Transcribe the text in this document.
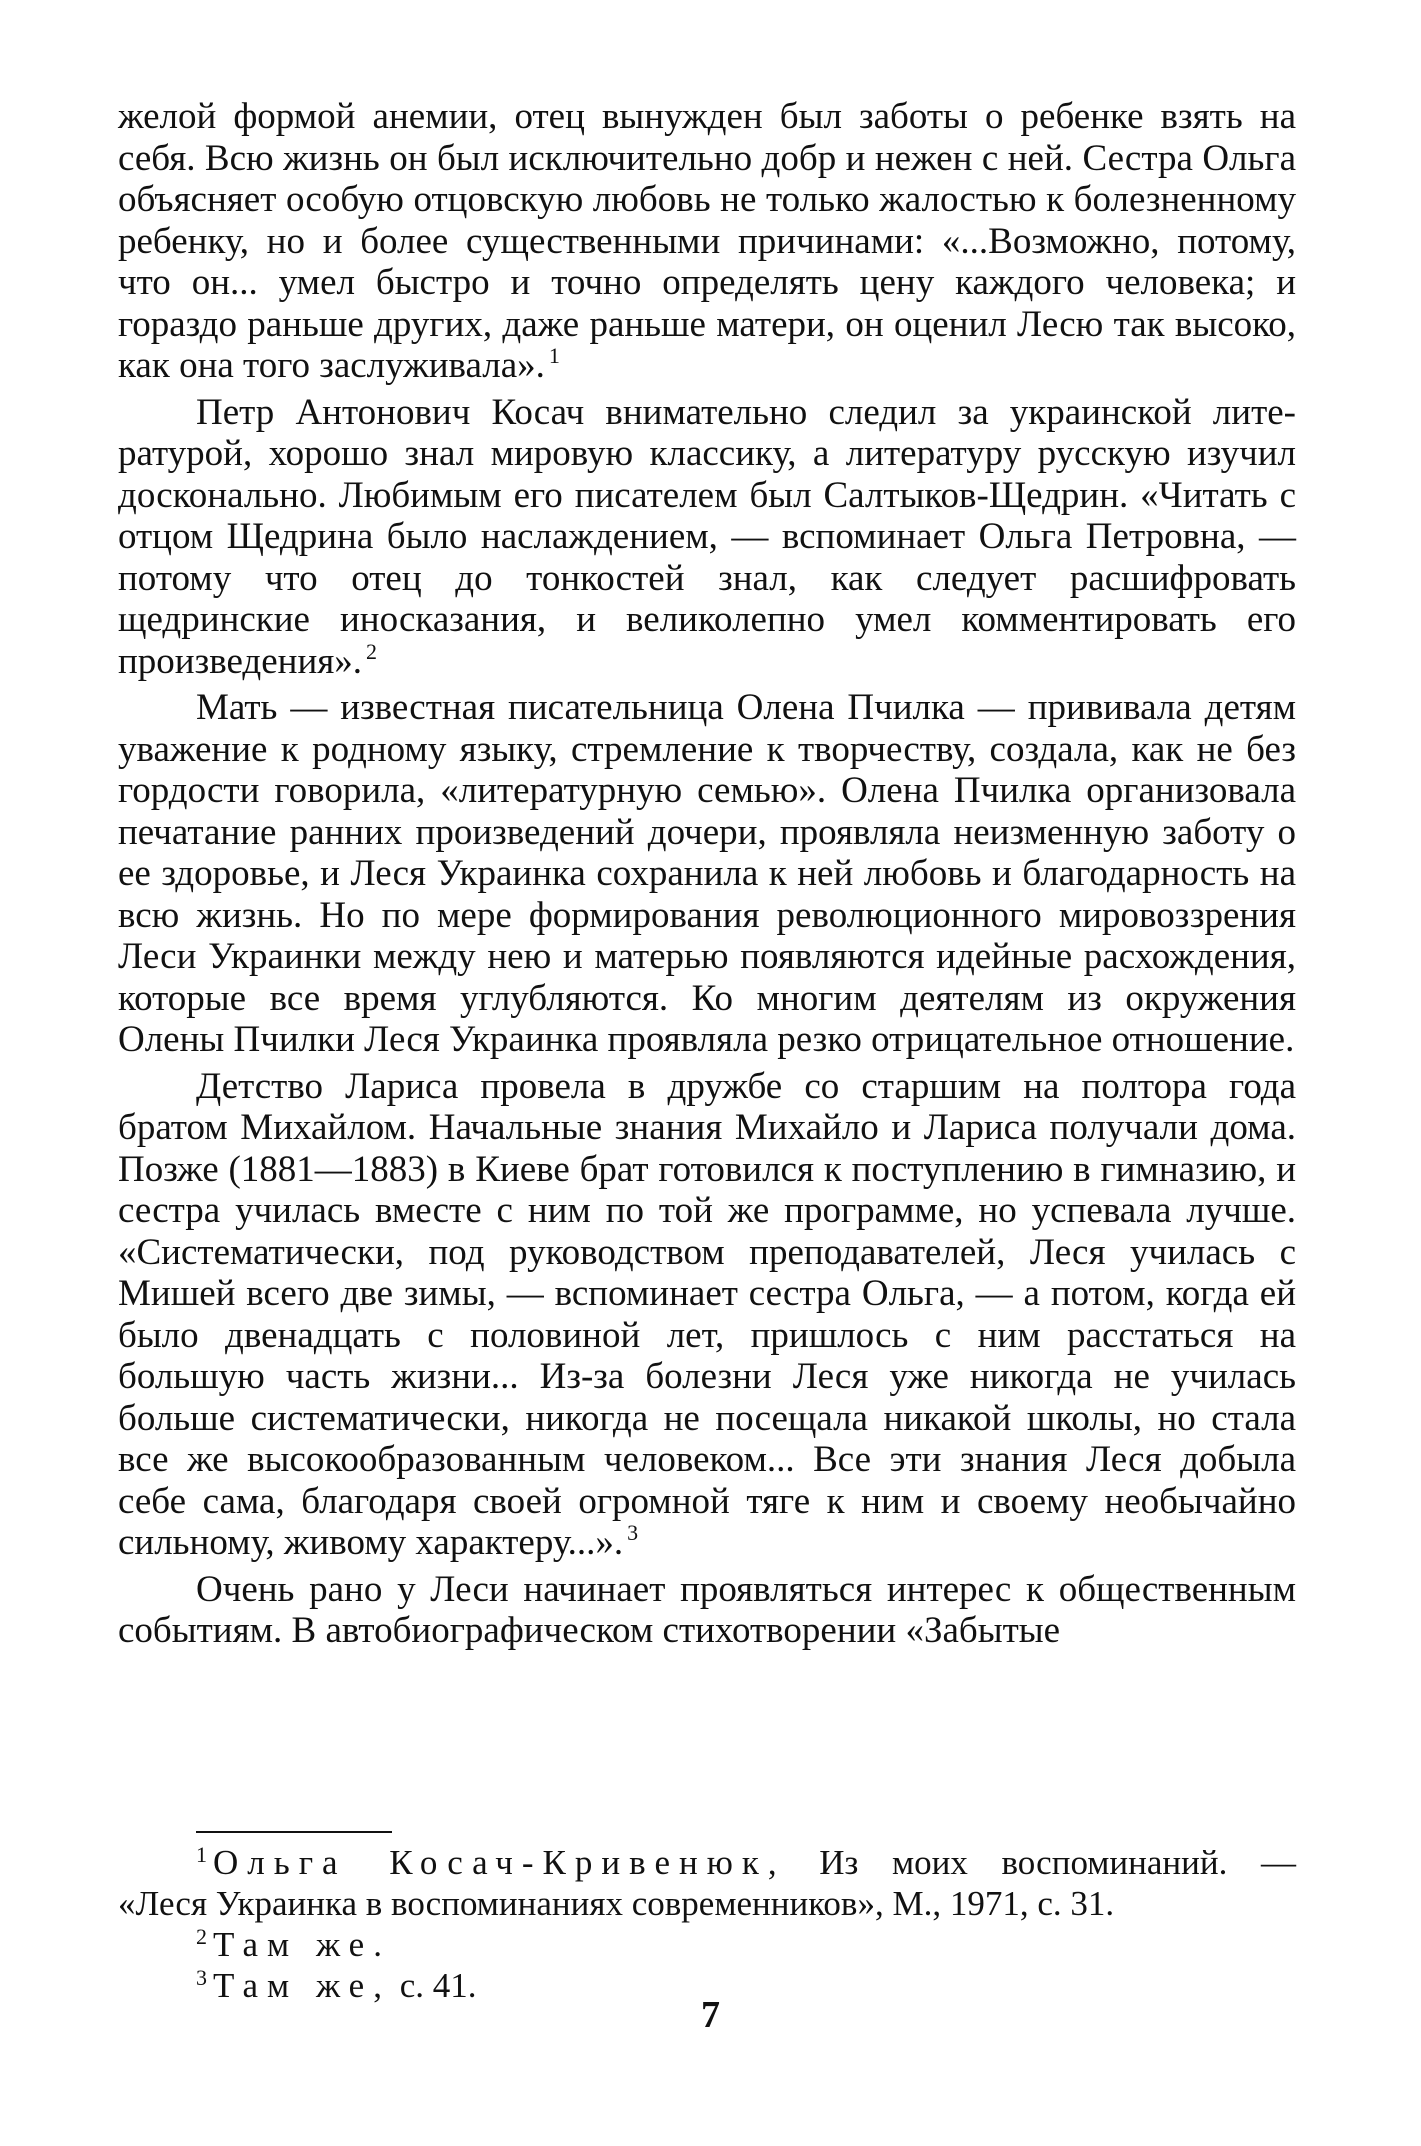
желой формой анемии, отец вынужден был заботы о ребенке взять на себя. Всю жизнь он был исключительно добр и нежен с ней. Сестра Ольга объясняет особую отцовскую любовь не только жалостью к болезненному ребенку, но и более существенными причинами: «...Возможно, потому, что он... умел быстро и точно определять цену каждого человека; и гораздо раньше других, даже раньше матери, он оценил Лесю так высоко, как она того заслуживала». $^1$

Петр Антонович Косач внимательно следил за украинской литературой, хорошо знал мировую классику, а литературу русскую изучил досконально. Любимым его писателем был Салтыков-Щедрин. «Читать с отцом Щедрина было наслаждением, — вспоминает Ольга Петровна, — потому что отец до тонкостей знал, как следует расшифровать щедринские иносказания, и великолепно умел комментировать его произведения». $^2$

Мать — известная писательница Олена Пчилка — прививала детям уважение к родному языку, стремление к творчеству, создала, как не без гордости говорила, «литературную семью». Олена Пчилка организовала печатание ранних произведений дочери, проявляла неизменную заботу о ее здоровье, и Леся Украинка сохранила к ней любовь и благодарность на всю жизнь. Но по мере формирования революционного мировоззрения Леси Украинки между нею и матерью появляются идейные расхождения, которые все время углубляются. Ко многим деятелям из окружения Олены Пчилки Леся Украинка проявляла резко отрицательное отношение.

Детство Лариса провела в дружбе со старшим на полтора года братом Михайлом. Начальные знания Михайло и Лариса получали дома. Позже (1881—1883) в Киеве брат готовился к поступлению в гимназию, и сестра училась вместе с ним по той же программе, но успевала лучше. «Систематически, под руководством преподавателей, Леся училась с Мишей всего две зимы, — вспоминает сестра Ольга, — а потом, когда ей было двенадцать с половиной лет, пришлось с ним расстаться на большую часть жизни... Из-за болезни Леся уже никогда не училась больше систематически, никогда не посещала никакой школы, но стала все же высокообразованным человеком... Все эти знания Леся добыла себе сама, благодаря своей огромной тяге к ним и своему необычайно сильному, живому характеру...». $^3$

Очень рано у Леси начинает проявляться интерес к общественным событиям. В автобиографическом стихотворении «Забытые

$^1$ Ольга Косач-Кривенюк, Из моих воспоминаний. —

«Леся Украинка в воспоминаниях современников», М., 1971, с. 31.

$^2$ Там же.

$^3$ Там же, с. 41.

7
